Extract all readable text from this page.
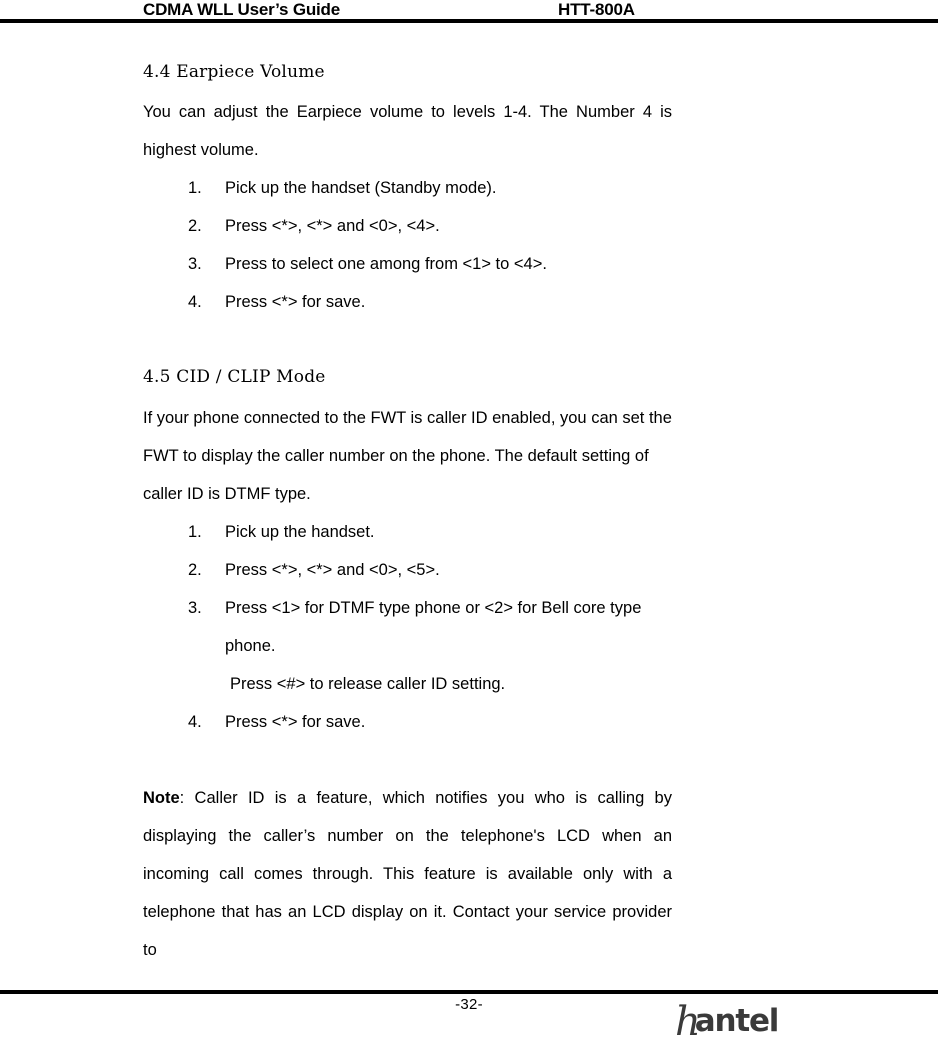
CDMA WLL User’s Guide	HTT-800A
4.4 Earpiece Volume

You can adjust the Earpiece volume to levels 1-4. The Number 4 is highest volume.

1.	Pick up the handset (Standby mode).
2.	Press <*>, <*> and <0>, <4>.
3.	Press to select one among from <1> to <4>.
4.	Press <*> for save.
4.5 CID / CLIP Mode

If your phone connected to the FWT is caller ID enabled, you can set the FWT to display the caller number on the phone. The default setting of caller ID is DTMF type.

1.	Pick up the handset.
2.	Press <*>, <*> and <0>, <5>.
3.	Press <1> for DTMF type phone or <2> for Bell core type phone.
Press <#> to release caller ID setting.
4.	Press <*> for save.

Note: Caller ID is a feature, which notifies you who is calling by displaying the caller’s number on the telephone's LCD when an incoming call comes through. This feature is available only with a telephone that has an LCD display on it. Contact your service provider to

-32-	hantel
